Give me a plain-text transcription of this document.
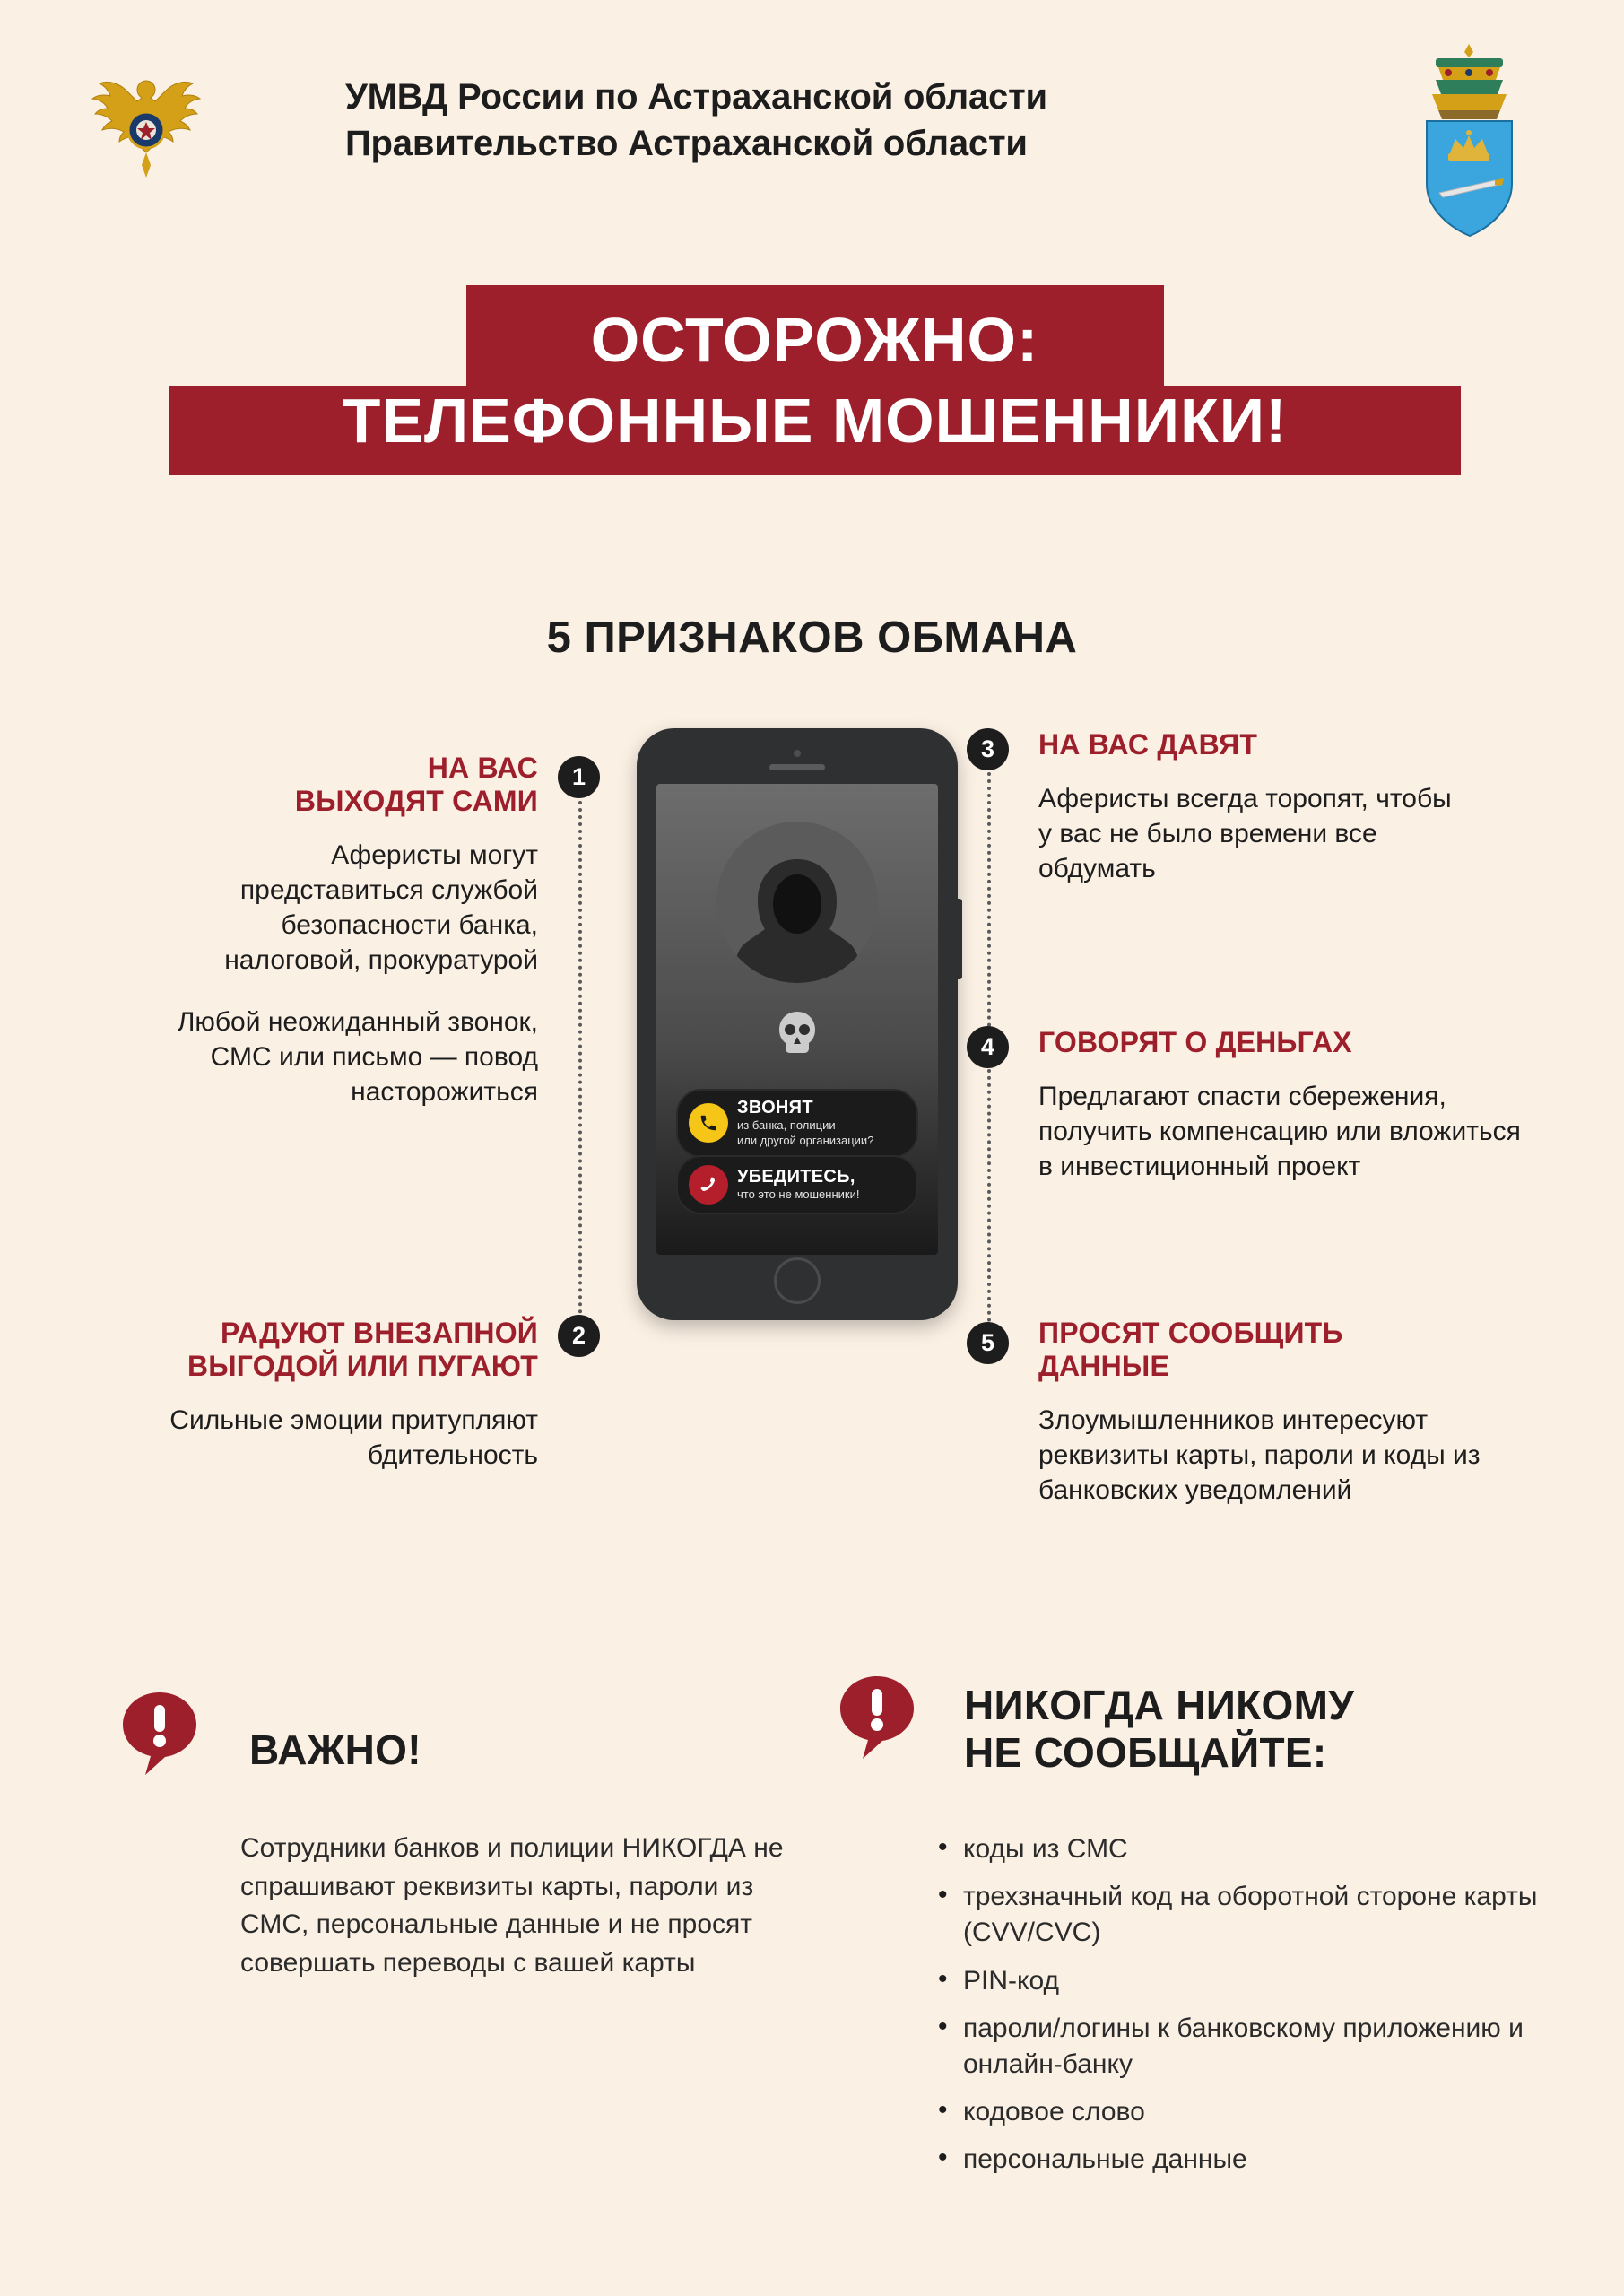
УМВД России по Астраханской области
Правительство Астраханской области
ОСТОРОЖНО:
ТЕЛЕФОННЫЕ МОШЕННИКИ!
5 ПРИЗНАКОВ ОБМАНА
ЗВОНЯТ
из банка, полиции
или другой организации?
УБЕДИТЕСЬ,
что это не мошенники!
1
2
3
4
5
НА ВАС
ВЫХОДЯТ САМИ
Аферисты могут представиться службой безопасности банка, налоговой, прокуратурой
Любой неожиданный звонок, СМС или письмо — повод насторожиться
РАДУЮТ ВНЕЗАПНОЙ
ВЫГОДОЙ ИЛИ ПУГАЮТ
Сильные эмоции притупляют бдительность
НА ВАС ДАВЯТ
Аферисты всегда торопят, чтобы у вас не было времени все обдумать
ГОВОРЯТ О ДЕНЬГАХ
Предлагают спасти сбережения, получить компенсацию или вложиться в инвестиционный проект
ПРОСЯТ СООБЩИТЬ
ДАННЫЕ
Злоумышленников интересуют реквизиты карты, пароли и коды из банковских уведомлений
ВАЖНО!
Сотрудники банков и полиции НИКОГДА не спрашивают реквизиты карты, пароли из СМС, персональные данные и не просят совершать переводы с вашей карты
НИКОГДА НИКОМУ
НЕ СООБЩАЙТЕ:
• коды из СМС
• трехзначный код на оборотной стороне карты (CVV/CVC)
• PIN-код
• пароли/логины к банковскому приложению и онлайн-банку
• кодовое слово
• персональные данные
